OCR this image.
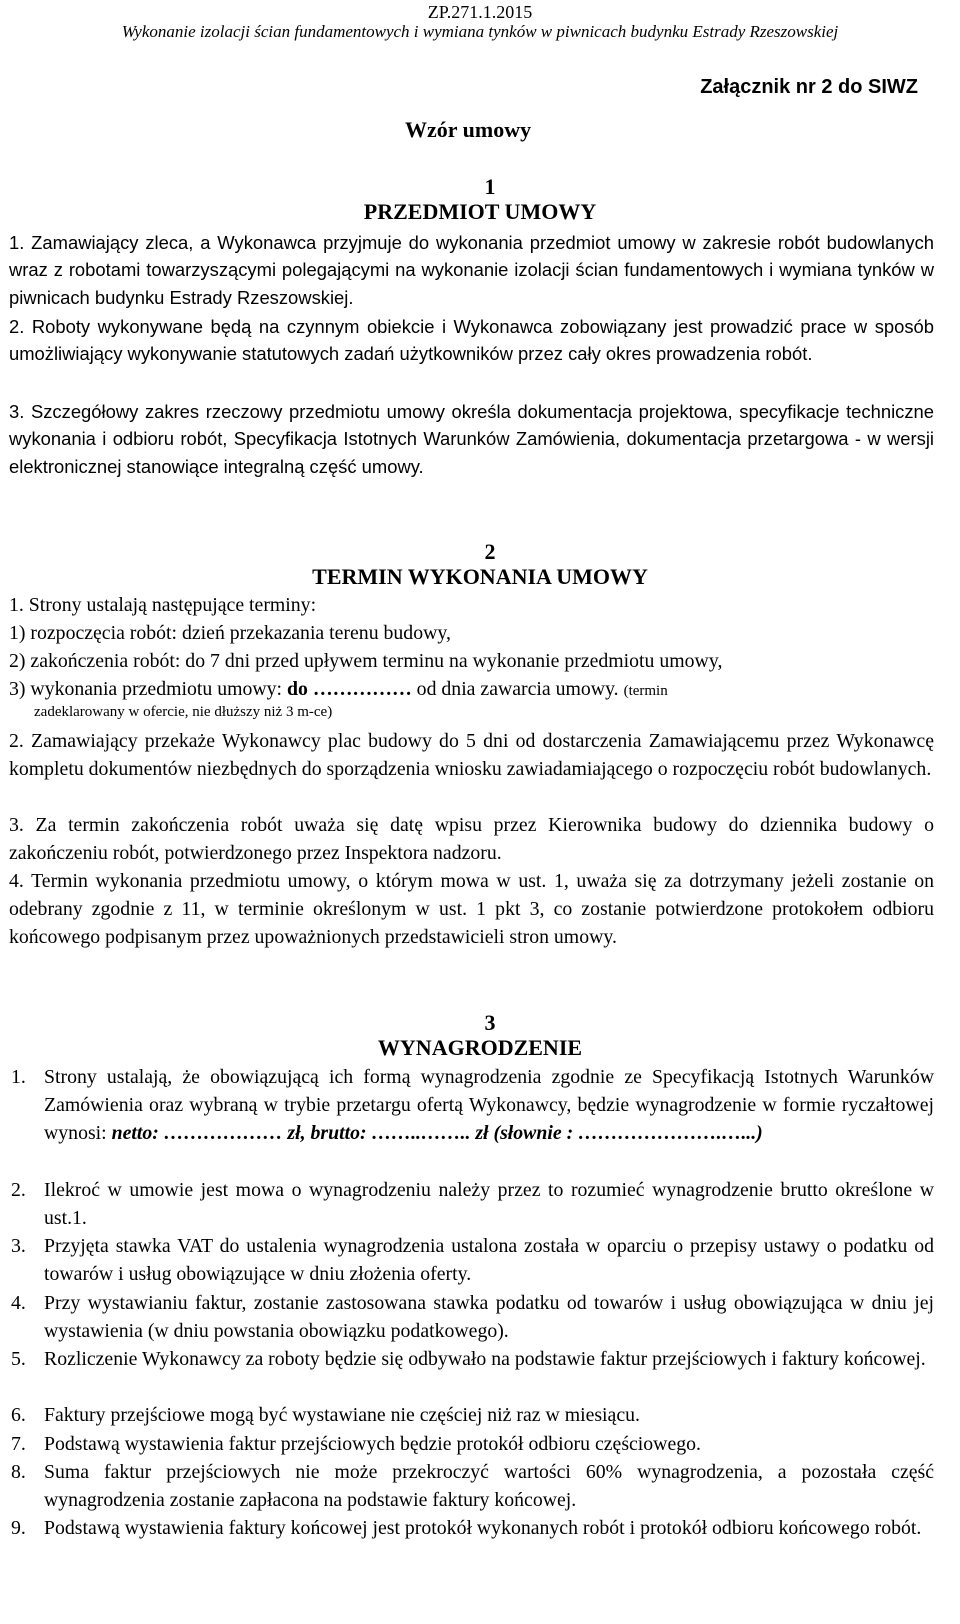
ZP.271.1.2015
Wykonanie izolacji ścian fundamentowych i wymiana tynków w piwnicach budynku Estrady Rzeszowskiej
Załącznik nr 2 do SIWZ
Wzór umowy
1
PRZEDMIOT UMOWY

1. Zamawiający zleca, a Wykonawca przyjmuje do wykonania przedmiot umowy w zakresie robót budowlanych wraz z robotami towarzyszącymi polegającymi na wykonanie izolacji ścian fundamentowych i wymiana tynków w piwnicach budynku Estrady Rzeszowskiej.

2. Roboty wykonywane będą na czynnym obiekcie i Wykonawca zobowiązany jest prowadzić prace w sposób umożliwiający wykonywanie statutowych zadań użytkowników przez cały okres prowadzenia robót.

3. Szczegółowy zakres rzeczowy przedmiotu umowy określa dokumentacja projektowa, specyfikacje techniczne wykonania i odbioru robót, Specyfikacja Istotnych Warunków Zamówienia, dokumentacja przetargowa - w wersji elektronicznej stanowiące integralną część umowy.

2
TERMIN WYKONANIA UMOWY

1. Strony ustalają następujące terminy:

1) rozpoczęcia robót: dzień przekazania terenu budowy,

2) zakończenia robót: do 7 dni przed upływem terminu na wykonanie przedmiotu umowy,

3) wykonania przedmiotu umowy: do …………… od dnia zawarcia umowy. (termin

zadeklarowany w ofercie, nie dłuższy niż 3 m-ce)

2. Zamawiający przekaże Wykonawcy plac budowy do 5 dni od dostarczenia Zamawiającemu przez Wykonawcę kompletu dokumentów niezbędnych do sporządzenia wniosku zawiadamiającego o rozpoczęciu robót budowlanych.

3. Za termin zakończenia robót uważa się datę wpisu przez Kierownika budowy do dziennika budowy o zakończeniu robót, potwierdzonego przez Inspektora nadzoru.

4. Termin wykonania przedmiotu umowy, o którym mowa w ust. 1, uważa się za dotrzymany jeżeli zostanie on odebrany zgodnie z 11, w terminie określonym w ust. 1 pkt 3, co zostanie potwierdzone protokołem odbioru końcowego podpisanym przez upoważnionych przedstawicieli stron umowy.

3
WYNAGRODZENIE
1. Strony ustalają, że obowiązującą ich formą wynagrodzenia zgodnie ze Specyfikacją Istotnych Warunków Zamówienia oraz wybraną w trybie przetargu ofertą Wykonawcy, będzie wynagrodzenie w formie ryczałtowej wynosi: netto: ……………… zł, brutto: ……..…….. zł (słownie : ………………….…...)
2. Ilekroć w umowie jest mowa o wynagrodzeniu należy przez to rozumieć wynagrodzenie brutto określone w ust.1.
3. Przyjęta stawka VAT do ustalenia wynagrodzenia ustalona została w oparciu o przepisy ustawy o podatku od towarów i usług obowiązujące w dniu złożenia oferty.
4. Przy wystawianiu faktur, zostanie zastosowana stawka podatku od towarów i usług obowiązująca w dniu jej wystawienia (w dniu powstania obowiązku podatkowego).
5. Rozliczenie Wykonawcy za roboty będzie się odbywało na podstawie faktur przejściowych i faktury końcowej.
6. Faktury przejściowe mogą być wystawiane nie częściej niż raz w miesiącu.
7. Podstawą wystawienia faktur przejściowych będzie protokół odbioru częściowego.
8. Suma faktur przejściowych nie może przekroczyć wartości 60% wynagrodzenia, a pozostała część wynagrodzenia zostanie zapłacona na podstawie faktury końcowej.
9. Podstawą wystawienia faktury końcowej jest protokół wykonanych robót i protokół odbioru końcowego robót.
